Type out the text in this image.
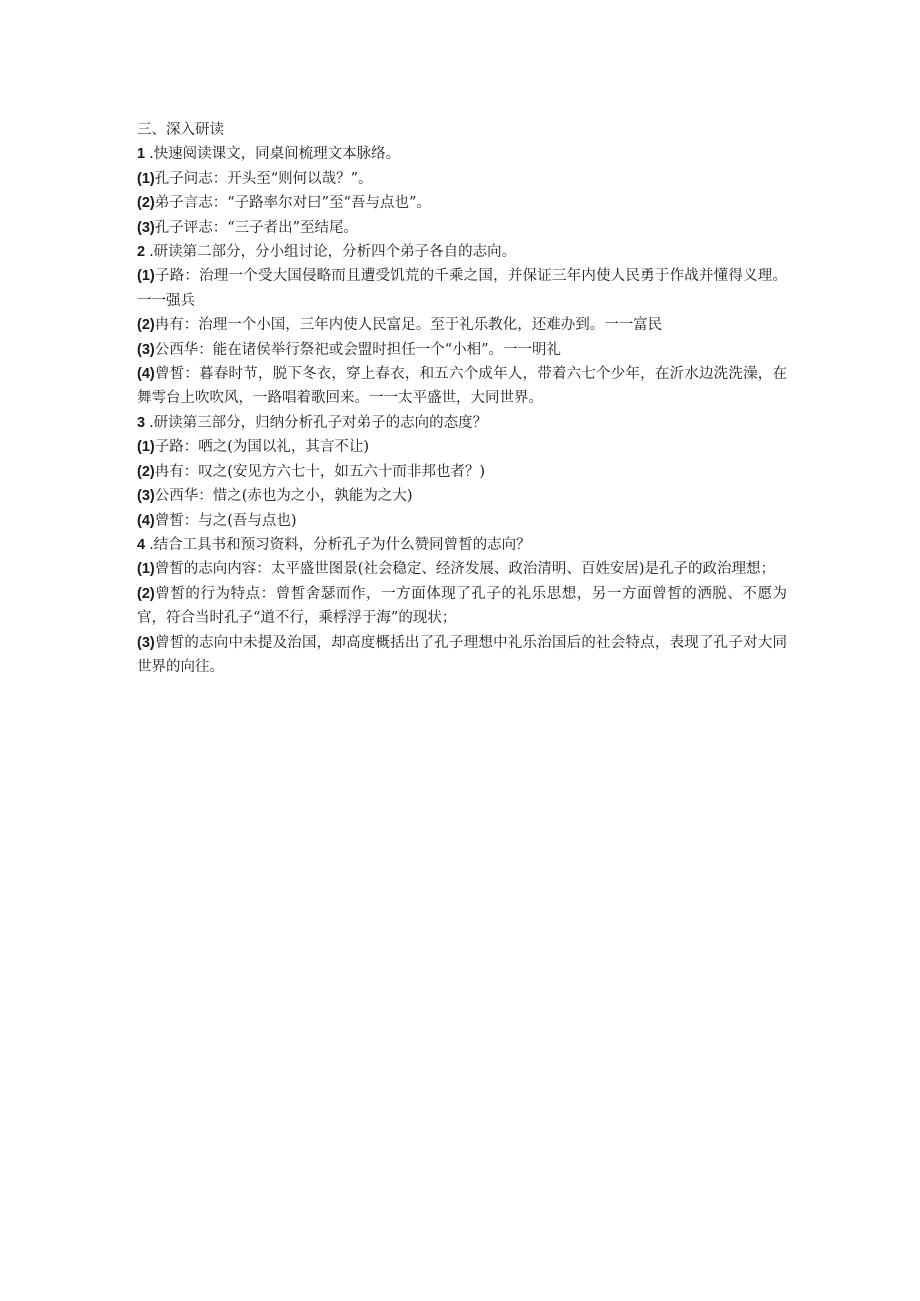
三、深入研读
1 .快速阅读课文，同桌间梳理文本脉络。
(1)孔子问志：开头至“则何以哉？”。
(2)弟子言志：“子路率尔对曰”至“吾与点也”。
(3)孔子评志：“三子者出”至结尾。
2 .研读第二部分，分小组讨论，分析四个弟子各自的志向。
(1)子路：治理一个受大国侵略而且遭受饥荒的千乘之国，并保证三年内使人民勇于作战并懂得义理。一一强兵
(2)冉有：治理一个小国，三年内使人民富足。至于礼乐教化，还难办到。一一富民
(3)公西华：能在诸侯举行祭祀或会盟时担任一个“小相”。一一明礼
(4)曾皙：暮春时节，脱下冬衣，穿上春衣，和五六个成年人，带着六七个少年，在沂水边洗洗澡，在舞雩台上吹吹风，一路唱着歌回来。一一太平盛世，大同世界。
3 .研读第三部分，归纳分析孔子对弟子的志向的态度？
(1)子路：哂之(为国以礼，其言不让)
(2)冉有：叹之(安见方六七十，如五六十而非邦也者？)
(3)公西华：惜之(赤也为之小，孰能为之大)
(4)曾皙：与之(吾与点也)
4 .结合工具书和预习资料，分析孔子为什么赞同曾皙的志向？
(1)曾皙的志向内容：太平盛世图景(社会稳定、经济发展、政治清明、百姓安居)是孔子的政治理想；
(2)曾皙的行为特点：曾皙舍瑟而作，一方面体现了孔子的礼乐思想，另一方面曾皙的洒脱、不愿为官，符合当时孔子“道不行，乘桴浮于海”的现状；
(3)曾皙的志向中未提及治国，却高度概括出了孔子理想中礼乐治国后的社会特点，表现了孔子对大同世界的向往。
